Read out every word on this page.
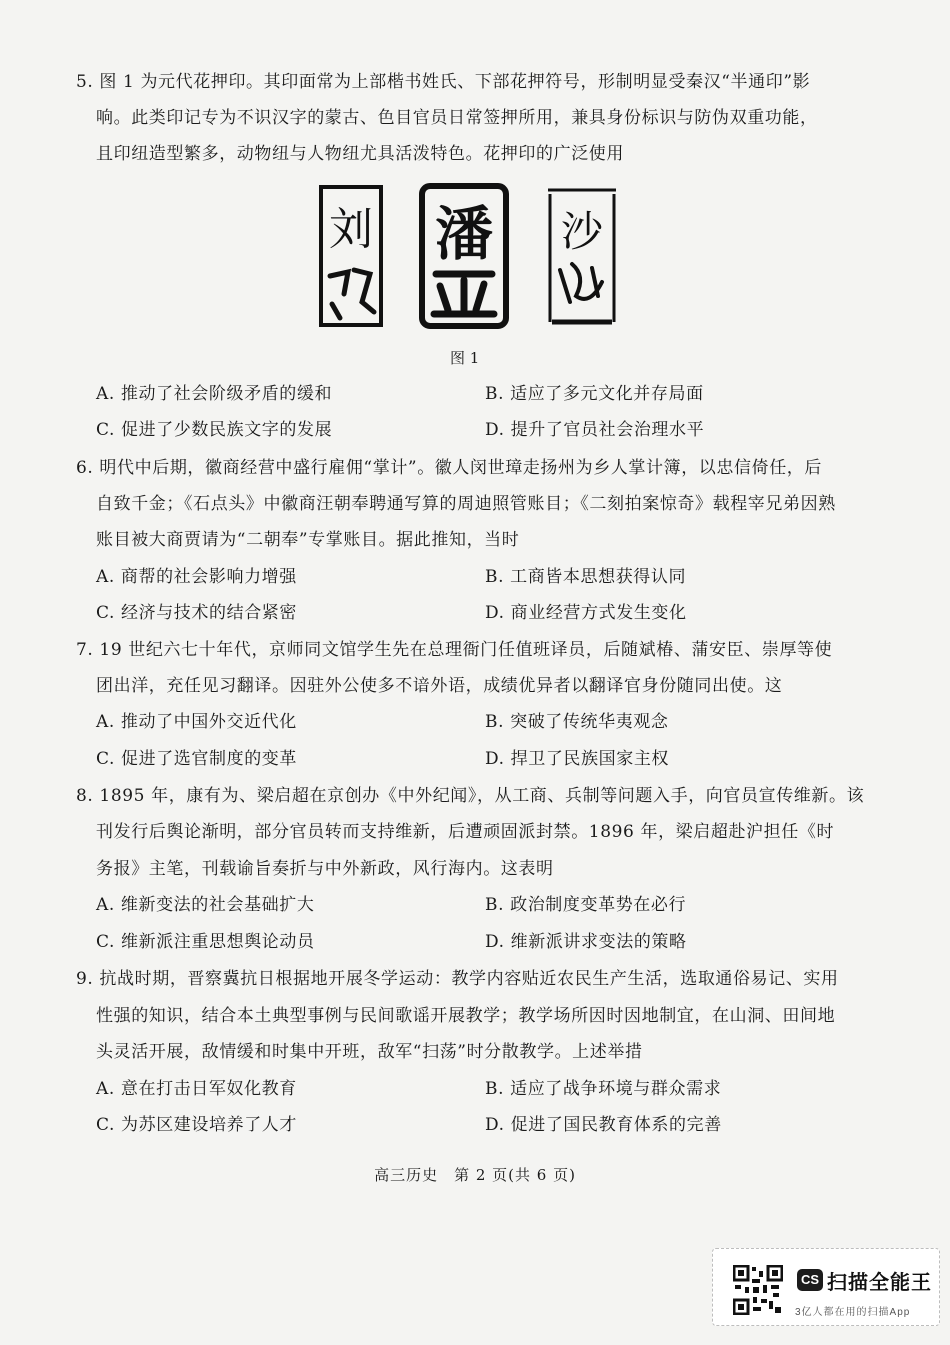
5. 图 1 为元代花押印。其印面常为上部楷书姓氏、下部花押符号，形制明显受秦汉“半通印”影
响。此类印记专为不识汉字的蒙古、色目官员日常签押所用，兼具身份标识与防伪双重功能，
且印纽造型繁多，动物纽与人物纽尤具活泼特色。花押印的广泛使用
刘 潘 沙
图 1
A. 推动了社会阶级矛盾的缓和	B. 适应了多元文化并存局面
C. 促进了少数民族文字的发展	D. 提升了官员社会治理水平
6. 明代中后期，徽商经营中盛行雇佣“掌计”。徽人闵世璋走扬州为乡人掌计簿，以忠信倚任，后
自致千金；《石点头》中徽商汪朝奉聘通写算的周迪照管账目；《二刻拍案惊奇》载程宰兄弟因熟
账目被大商贾请为“二朝奉”专掌账目。据此推知，当时
A. 商帮的社会影响力增强	B. 工商皆本思想获得认同
C. 经济与技术的结合紧密	D. 商业经营方式发生变化
7. 19 世纪六七十年代，京师同文馆学生先在总理衙门任值班译员，后随斌椿、蒲安臣、崇厚等使
团出洋，充任见习翻译。因驻外公使多不谙外语，成绩优异者以翻译官身份随同出使。这
A. 推动了中国外交近代化	B. 突破了传统华夷观念
C. 促进了选官制度的变革	D. 捍卫了民族国家主权
8. 1895 年，康有为、梁启超在京创办《中外纪闻》，从工商、兵制等问题入手，向官员宣传维新。该
刊发行后舆论渐明，部分官员转而支持维新，后遭顽固派封禁。1896 年，梁启超赴沪担任《时
务报》主笔，刊载谕旨奏折与中外新政，风行海内。这表明
A. 维新变法的社会基础扩大	B. 政治制度变革势在必行
C. 维新派注重思想舆论动员	D. 维新派讲求变法的策略
9. 抗战时期，晋察冀抗日根据地开展冬学运动：教学内容贴近农民生产生活，选取通俗易记、实用
性强的知识，结合本土典型事例与民间歌谣开展教学；教学场所因时因地制宜，在山洞、田间地
头灵活开展，敌情缓和时集中开班，敌军“扫荡”时分散教学。上述举措
A. 意在打击日军奴化教育	B. 适应了战争环境与群众需求
C. 为苏区建设培养了人才	D. 促进了国民教育体系的完善
高三历史　第 2 页(共 6 页)
CS 扫描全能王
3亿人都在用的扫描App
